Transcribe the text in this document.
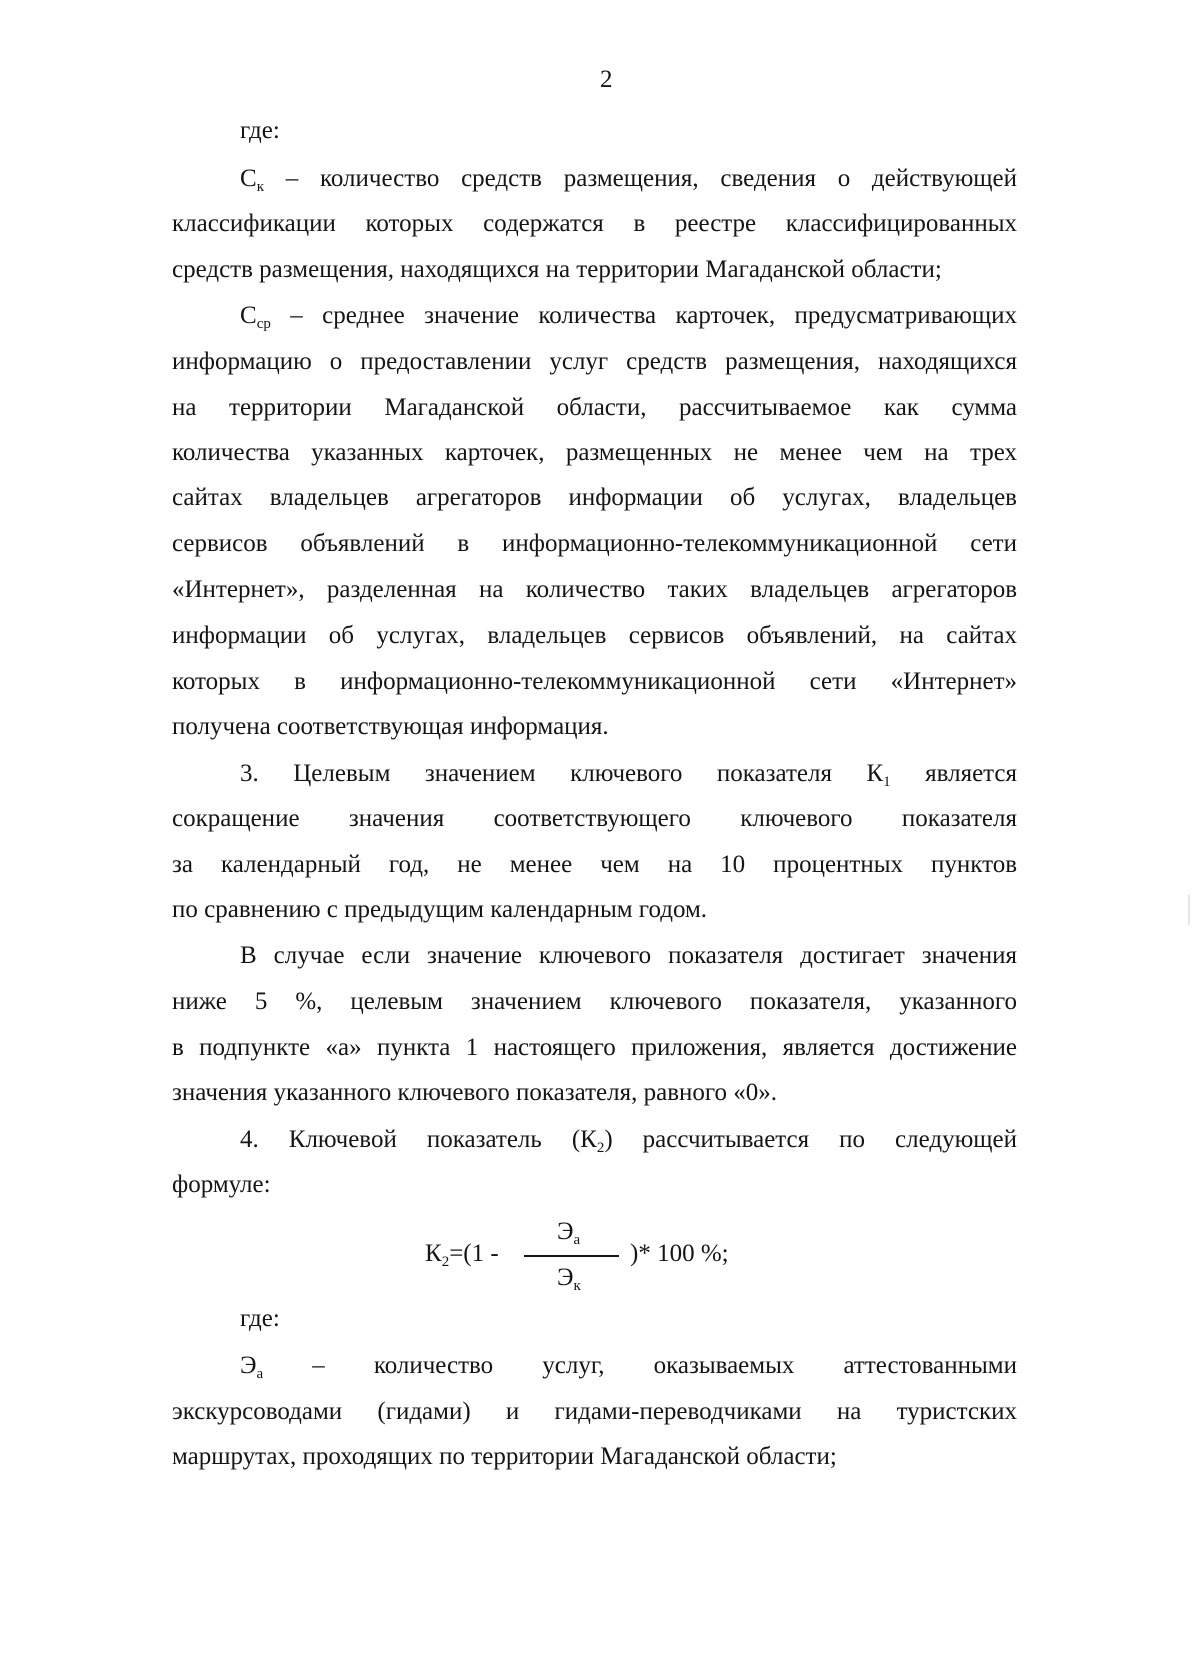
2
где:
$С_к$ – количество средств размещения, сведения о действующей
классификации которых содержатся в реестре классифицированных
средств размещения, находящихся на территории Магаданской области;
$С_{ср}$ – среднее значение количества карточек, предусматривающих
информацию о предоставлении услуг средств размещения, находящихся
на территории Магаданской области, рассчитываемое как сумма
количества указанных карточек, размещенных не менее чем на трех
сайтах владельцев агрегаторов информации об услугах, владельцев
сервисов объявлений в информационно-телекоммуникационной сети
«Интернет», разделенная на количество таких владельцев агрегаторов
информации об услугах, владельцев сервисов объявлений, на сайтах
которых в информационно-телекоммуникационной сети «Интернет»
получена соответствующая информация.
3. Целевым значением ключевого показателя $К_1$ является
сокращение значения соответствующего ключевого показателя
за календарный год, не менее чем на 10 процентных пунктов
по сравнению с предыдущим календарным годом.
В случае если значение ключевого показателя достигает значения
ниже 5 %, целевым значением ключевого показателя, указанного
в подпункте «а» пункта 1 настоящего приложения, является достижение
значения указанного ключевого показателя, равного «0».
4. Ключевой показатель $(К_2)$ рассчитывается по следующей
формуле:
$К_2=(1$ -
$Э_а$
$Э_к$
)* 100 %;
где:
$Э_а$ – количество услуг, оказываемых аттестованными
экскурсоводами (гидами) и гидами-переводчиками на туристских
маршрутах, проходящих по территории Магаданской области;
